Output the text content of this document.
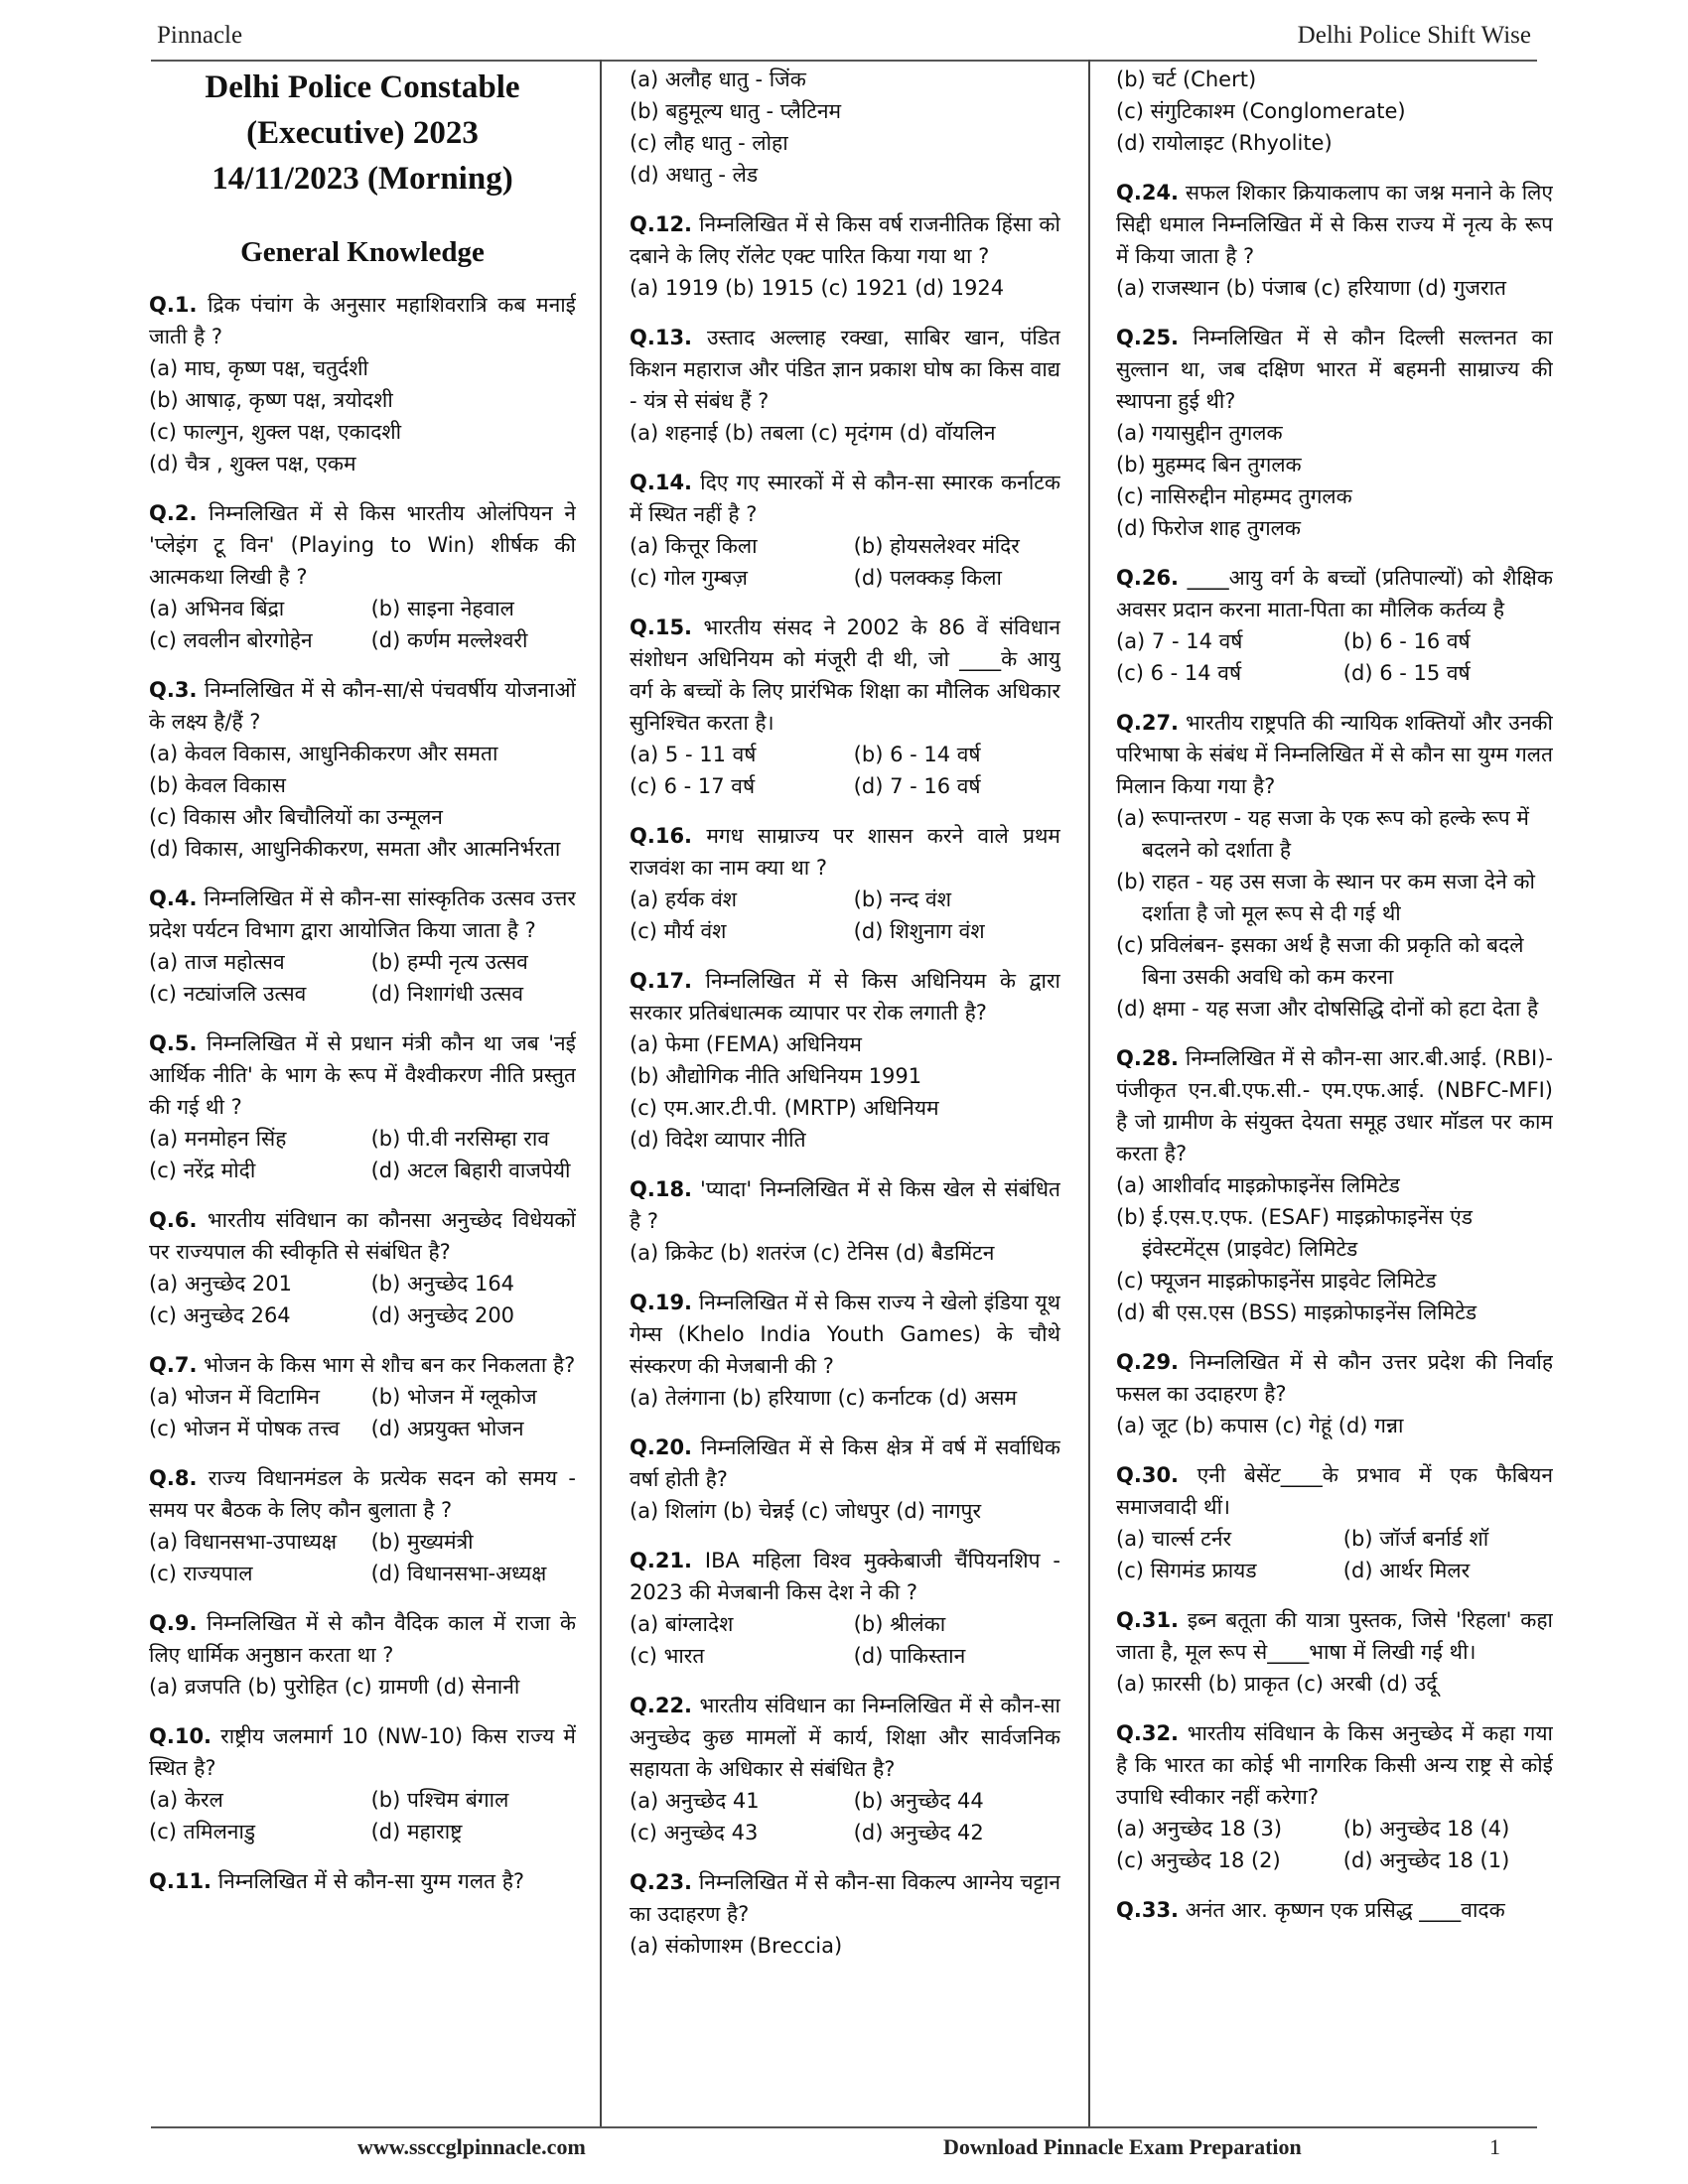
Pinnacle	Delhi Police Shift Wise
Delhi Police Constable
(Executive) 2023
14/11/2023 (Morning)
General Knowledge
Q.1. द्रिक पंचांग के अनुसार महाशिवरात्रि कब मनाई जाती है ?
(a) माघ, कृष्ण पक्ष, चतुर्दशी
(b) आषाढ़, कृष्ण पक्ष, त्रयोदशी
(c) फाल्गुन, शुक्ल पक्ष, एकादशी
(d) चैत्र , शुक्ल पक्ष, एकम
Q.2. निम्नलिखित में से किस भारतीय ओलंपियन ने 'प्लेइंग टू विन' (Playing to Win) शीर्षक की आत्मकथा लिखी है ?
(a) अभिनव बिंद्रा	(b) साइना नेहवाल
(c) लवलीन बोरगोहेन	(d) कर्णम मल्लेश्वरी
Q.3. निम्नलिखित में से कौन-सा/से पंचवर्षीय योजनाओं के लक्ष्य है/हैं ?
(a) केवल विकास, आधुनिकीकरण और समता
(b) केवल विकास
(c) विकास और बिचौलियों का उन्मूलन
(d) विकास, आधुनिकीकरण, समता और आत्मनिर्भरता
Q.4. निम्नलिखित में से कौन-सा सांस्कृतिक उत्सव उत्तर प्रदेश पर्यटन विभाग द्वारा आयोजित किया जाता है ?
(a) ताज महोत्सव	(b) हम्पी नृत्य उत्सव
(c) नट्यांजलि उत्सव	(d) निशागंधी उत्सव
Q.5. निम्नलिखित में से प्रधान मंत्री कौन था जब 'नई आर्थिक नीति' के भाग के रूप में वैश्वीकरण नीति प्रस्तुत की गई थी ?
(a) मनमोहन सिंह	(b) पी.वी नरसिम्हा राव
(c) नरेंद्र मोदी	(d) अटल बिहारी वाजपेयी
Q.6. भारतीय संविधान का कौनसा अनुच्छेद विधेयकों पर राज्यपाल की स्वीकृति से संबंधित है?
(a) अनुच्छेद 201	(b) अनुच्छेद 164
(c) अनुच्छेद 264	(d) अनुच्छेद 200
Q.7. भोजन के किस भाग से शौच बन कर निकलता है?
(a) भोजन में विटामिन	(b) भोजन में ग्लूकोज
(c) भोजन में पोषक तत्त्व	(d) अप्रयुक्त भोजन
Q.8. राज्य विधानमंडल के प्रत्येक सदन को समय - समय पर बैठक के लिए कौन बुलाता है ?
(a) विधानसभा-उपाध्यक्ष	(b) मुख्यमंत्री
(c) राज्यपाल	(d) विधानसभा-अध्यक्ष
Q.9. निम्नलिखित में से कौन वैदिक काल में राजा के लिए धार्मिक अनुष्ठान करता था ?
(a) व्रजपति (b) पुरोहित (c) ग्रामणी (d) सेनानी
Q.10. राष्ट्रीय जलमार्ग 10 (NW-10) किस राज्य में स्थित है?
(a) केरल	(b) पश्चिम बंगाल
(c) तमिलनाडु	(d) महाराष्ट्र
Q.11. निम्नलिखित में से कौन-सा युग्म गलत है?
(a) अलौह धातु - जिंक
(b) बहुमूल्य धातु - प्लैटिनम
(c) लौह धातु - लोहा
(d) अधातु - लेड
Q.12. निम्नलिखित में से किस वर्ष राजनीतिक हिंसा को दबाने के लिए रॉलेट एक्ट पारित किया गया था ?
(a) 1919 (b) 1915 (c) 1921 (d) 1924
Q.13. उस्ताद अल्लाह रक्खा, साबिर खान, पंडित किशन महाराज और पंडित ज्ञान प्रकाश घोष का किस वाद्य - यंत्र से संबंध हैं ?
(a) शहनाई (b) तबला (c) मृदंगम (d) वॉयलिन
Q.14. दिए गए स्मारकों में से कौन-सा स्मारक कर्नाटक में स्थित नहीं है ?
(a) कित्तूर किला	(b) होयसलेश्वर मंदिर
(c) गोल गुम्बज़	(d) पलक्कड़ किला
Q.15. भारतीय संसद ने 2002 के 86 वें संविधान संशोधन अधिनियम को मंजूरी दी थी, जो ____के आयु वर्ग के बच्चों के लिए प्रारंभिक शिक्षा का मौलिक अधिकार सुनिश्चित करता है।
(a) 5 - 11 वर्ष	(b) 6 - 14 वर्ष
(c) 6 - 17 वर्ष	(d) 7 - 16 वर्ष
Q.16. मगध साम्राज्य पर शासन करने वाले प्रथम राजवंश का नाम क्या था ?
(a) हर्यक वंश	(b) नन्द वंश
(c) मौर्य वंश	(d) शिशुनाग वंश
Q.17. निम्नलिखित में से किस अधिनियम के द्वारा सरकार प्रतिबंधात्मक व्यापार पर रोक लगाती है?
(a) फेमा (FEMA) अधिनियम
(b) औद्योगिक नीति अधिनियम 1991
(c) एम.आर.टी.पी. (MRTP) अधिनियम
(d) विदेश व्यापार नीति
Q.18. 'प्यादा' निम्नलिखित में से किस खेल से संबंधित है ?
(a) क्रिकेट (b) शतरंज (c) टेनिस (d) बैडमिंटन
Q.19. निम्नलिखित में से किस राज्य ने खेलो इंडिया यूथ गेम्स (Khelo India Youth Games) के चौथे संस्करण की मेजबानी की ?
(a) तेलंगाना (b) हरियाणा (c) कर्नाटक (d) असम
Q.20. निम्नलिखित में से किस क्षेत्र में वर्ष में सर्वाधिक वर्षा होती है?
(a) शिलांग (b) चेन्नई (c) जोधपुर (d) नागपुर
Q.21. IBA महिला विश्व मुक्केबाजी चैंपियनशिप - 2023 की मेजबानी किस देश ने की ?
(a) बांग्लादेश	(b) श्रीलंका
(c) भारत	(d) पाकिस्तान
Q.22. भारतीय संविधान का निम्नलिखित में से कौन-सा अनुच्छेद कुछ मामलों में कार्य, शिक्षा और सार्वजनिक सहायता के अधिकार से संबंधित है?
(a) अनुच्छेद 41	(b) अनुच्छेद 44
(c) अनुच्छेद 43	(d) अनुच्छेद 42
Q.23. निम्नलिखित में से कौन-सा विकल्प आग्नेय चट्टान का उदाहरण है?
(a) संकोणाश्म (Breccia)
(b) चर्ट (Chert)
(c) संगुटिकाश्म (Conglomerate)
(d) रायोलाइट (Rhyolite)
Q.24. सफल शिकार क्रियाकलाप का जश्न मनाने के लिए सिद्दी धमाल निम्नलिखित में से किस राज्य में नृत्य के रूप में किया जाता है ?
(a) राजस्थान (b) पंजाब (c) हरियाणा (d) गुजरात
Q.25. निम्नलिखित में से कौन दिल्ली सल्तनत का सुल्तान था, जब दक्षिण भारत में बहमनी साम्राज्य की स्थापना हुई थी?
(a) गयासुद्दीन तुगलक
(b) मुहम्मद बिन तुगलक
(c) नासिरुद्दीन मोहम्मद तुगलक
(d) फिरोज शाह तुगलक
Q.26. ____आयु वर्ग के बच्चों (प्रतिपाल्यों) को शैक्षिक अवसर प्रदान करना माता-पिता का मौलिक कर्तव्य है
(a) 7 - 14 वर्ष	(b) 6 - 16 वर्ष
(c) 6 - 14 वर्ष	(d) 6 - 15 वर्ष
Q.27. भारतीय राष्ट्रपति की न्यायिक शक्तियों और उनकी परिभाषा के संबंध में निम्नलिखित में से कौन सा युग्म गलत मिलान किया गया है?
(a) रूपान्तरण - यह सजा के एक रूप को हल्के रूप में बदलने को दर्शाता है
(b) राहत - यह उस सजा के स्थान पर कम सजा देने को दर्शाता है जो मूल रूप से दी गई थी
(c) प्रविलंबन- इसका अर्थ है सजा की प्रकृति को बदले बिना उसकी अवधि को कम करना
(d) क्षमा - यह सजा और दोषसिद्धि दोनों को हटा देता है
Q.28. निम्नलिखित में से कौन-सा आर.बी.आई. (RBI)-पंजीकृत एन.बी.एफ.सी.- एम.एफ.आई. (NBFC-MFI) है जो ग्रामीण के संयुक्त देयता समूह उधार मॉडल पर काम करता है?
(a) आशीर्वाद माइक्रोफाइनेंस लिमिटेड
(b) ई.एस.ए.एफ. (ESAF) माइक्रोफाइनेंस एंड इंवेस्टमेंट्स (प्राइवेट) लिमिटेड
(c) फ्यूजन माइक्रोफाइनेंस प्राइवेट लिमिटेड
(d) बी एस.एस (BSS) माइक्रोफाइनेंस लिमिटेड
Q.29. निम्नलिखित में से कौन उत्तर प्रदेश की निर्वाह फसल का उदाहरण है?
(a) जूट (b) कपास (c) गेहूं (d) गन्ना
Q.30. एनी बेसेंट____के प्रभाव में एक फैबियन समाजवादी थीं।
(a) चार्ल्स टर्नर	(b) जॉर्ज बर्नार्ड शॉ
(c) सिगमंड फ्रायड	(d) आर्थर मिलर
Q.31. इब्न बतूता की यात्रा पुस्तक, जिसे 'रिहला' कहा जाता है, मूल रूप से____भाषा में लिखी गई थी।
(a) फ़ारसी (b) प्राकृत (c) अरबी (d) उर्दू
Q.32. भारतीय संविधान के किस अनुच्छेद में कहा गया है कि भारत का कोई भी नागरिक किसी अन्य राष्ट्र से कोई उपाधि स्वीकार नहीं करेगा?
(a) अनुच्छेद 18 (3)	(b) अनुच्छेद 18 (4)
(c) अनुच्छेद 18 (2)	(d) अनुच्छेद 18 (1)
Q.33. अनंत आर. कृष्णन एक प्रसिद्ध ____वादक
www.ssccglpinnacle.com	Download Pinnacle Exam Preparation	1
